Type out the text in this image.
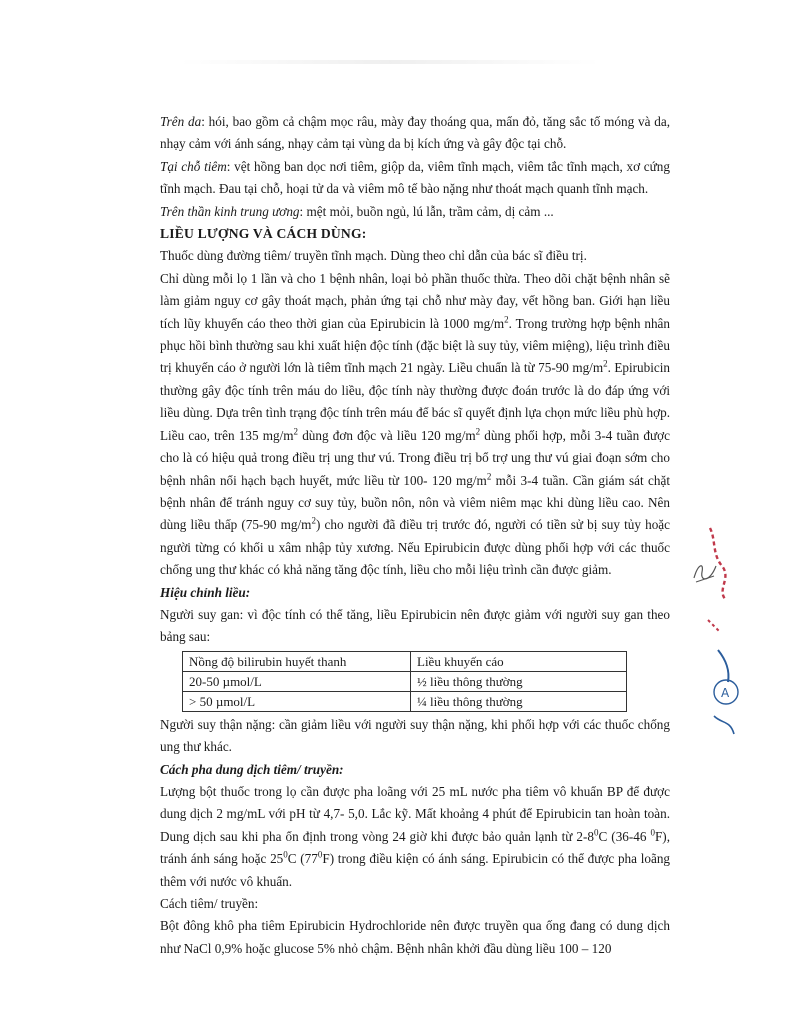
Trên da: hói, bao gồm cả chậm mọc râu, mày đay thoáng qua, mẩn đỏ, tăng sắc tố móng và da, nhạy cảm với ánh sáng, nhạy cảm tại vùng da bị kích ứng và gây độc tại chỗ.

Tại chỗ tiêm: vệt hồng ban dọc nơi tiêm, giộp da, viêm tĩnh mạch, viêm tắc tĩnh mạch, xơ cứng tĩnh mạch. Đau tại chỗ, hoại tử da và viêm mô tế bào nặng như thoát mạch quanh tĩnh mạch.

Trên thần kinh trung ương: mệt mỏi, buồn ngủ, lú lẫn, trầm cảm, dị cảm ...

LIỀU LƯỢNG VÀ CÁCH DÙNG:

Thuốc dùng đường tiêm/ truyền tĩnh mạch. Dùng theo chỉ dẫn của bác sĩ điều trị.

Chỉ dùng mỗi lọ 1 lần và cho 1 bệnh nhân, loại bỏ phần thuốc thừa. Theo dõi chặt bệnh nhân sẽ làm giảm nguy cơ gây thoát mạch, phản ứng tại chỗ như mày đay, vết hồng ban. Giới hạn liều tích lũy khuyến cáo theo thời gian của Epirubicin là 1000 $mg/m^2$. Trong trường hợp bệnh nhân phục hồi bình thường sau khi xuất hiện độc tính (đặc biệt là suy tủy, viêm miệng), liệu trình điều trị khuyến cáo ở người lớn là tiêm tĩnh mạch 21 ngày. Liều chuẩn là từ 75-90 $mg/m^2$. Epirubicin thường gây độc tính trên máu do liều, độc tính này thường được đoán trước là do đáp ứng với liều dùng. Dựa trên tình trạng độc tính trên máu để bác sĩ quyết định lựa chọn mức liều phù hợp. Liều cao, trên 135 $mg/m^2$ dùng đơn độc và liều 120 $mg/m^2$ dùng phối hợp, mỗi 3-4 tuần được cho là có hiệu quả trong điều trị ung thư vú. Trong điều trị bổ trợ ung thư vú giai đoạn sớm cho bệnh nhân nổi hạch bạch huyết, mức liều từ 100- 120 $mg/m^2$ mỗi 3-4 tuần. Cần giám sát chặt bệnh nhân để tránh nguy cơ suy tủy, buồn nôn, nôn và viêm niêm mạc khi dùng liều cao. Nên dùng liều thấp (75-90 $mg/m^2$) cho người đã điều trị trước đó, người có tiền sử bị suy tủy hoặc người từng có khối u xâm nhập tủy xương. Nếu Epirubicin được dùng phối hợp với các thuốc chống ung thư khác có khả năng tăng độc tính, liều cho mỗi liệu trình cần được giảm.

Hiệu chỉnh liều:

Người suy gan: vì độc tính có thể tăng, liều Epirubicin nên được giảm với người suy gan theo bảng sau:

Nồng độ bilirubin huyết thanh	Liều khuyến cáo
20-50 µmol/L	½ liều thông thường
> 50 µmol/L	¼ liều thông thường

Người suy thận nặng: cần giảm liều với người suy thận nặng, khi phối hợp với các thuốc chống ung thư khác.

Cách pha dung dịch tiêm/ truyền:

Lượng bột thuốc trong lọ cần được pha loãng với 25 mL nước pha tiêm vô khuẩn BP để được dung dịch 2 mg/mL với pH từ 4,7- 5,0. Lắc kỹ. Mất khoảng 4 phút để Epirubicin tan hoàn toàn. Dung dịch sau khi pha ổn định trong vòng 24 giờ khi được bảo quản lạnh từ $2-8^0C$ (36-46 $^0$F), tránh ánh sáng hoặc $25^0C$ $(77^0F)$ trong điều kiện có ánh sáng. Epirubicin có thể được pha loãng thêm với nước vô khuẩn.

Cách tiêm/ truyền:

Bột đông khô pha tiêm Epirubicin Hydrochloride nên được truyền qua ống đang có dung dịch như NaCl 0,9% hoặc glucose 5% nhỏ chậm. Bệnh nhân khởi đầu dùng liều 100 – 120

A
